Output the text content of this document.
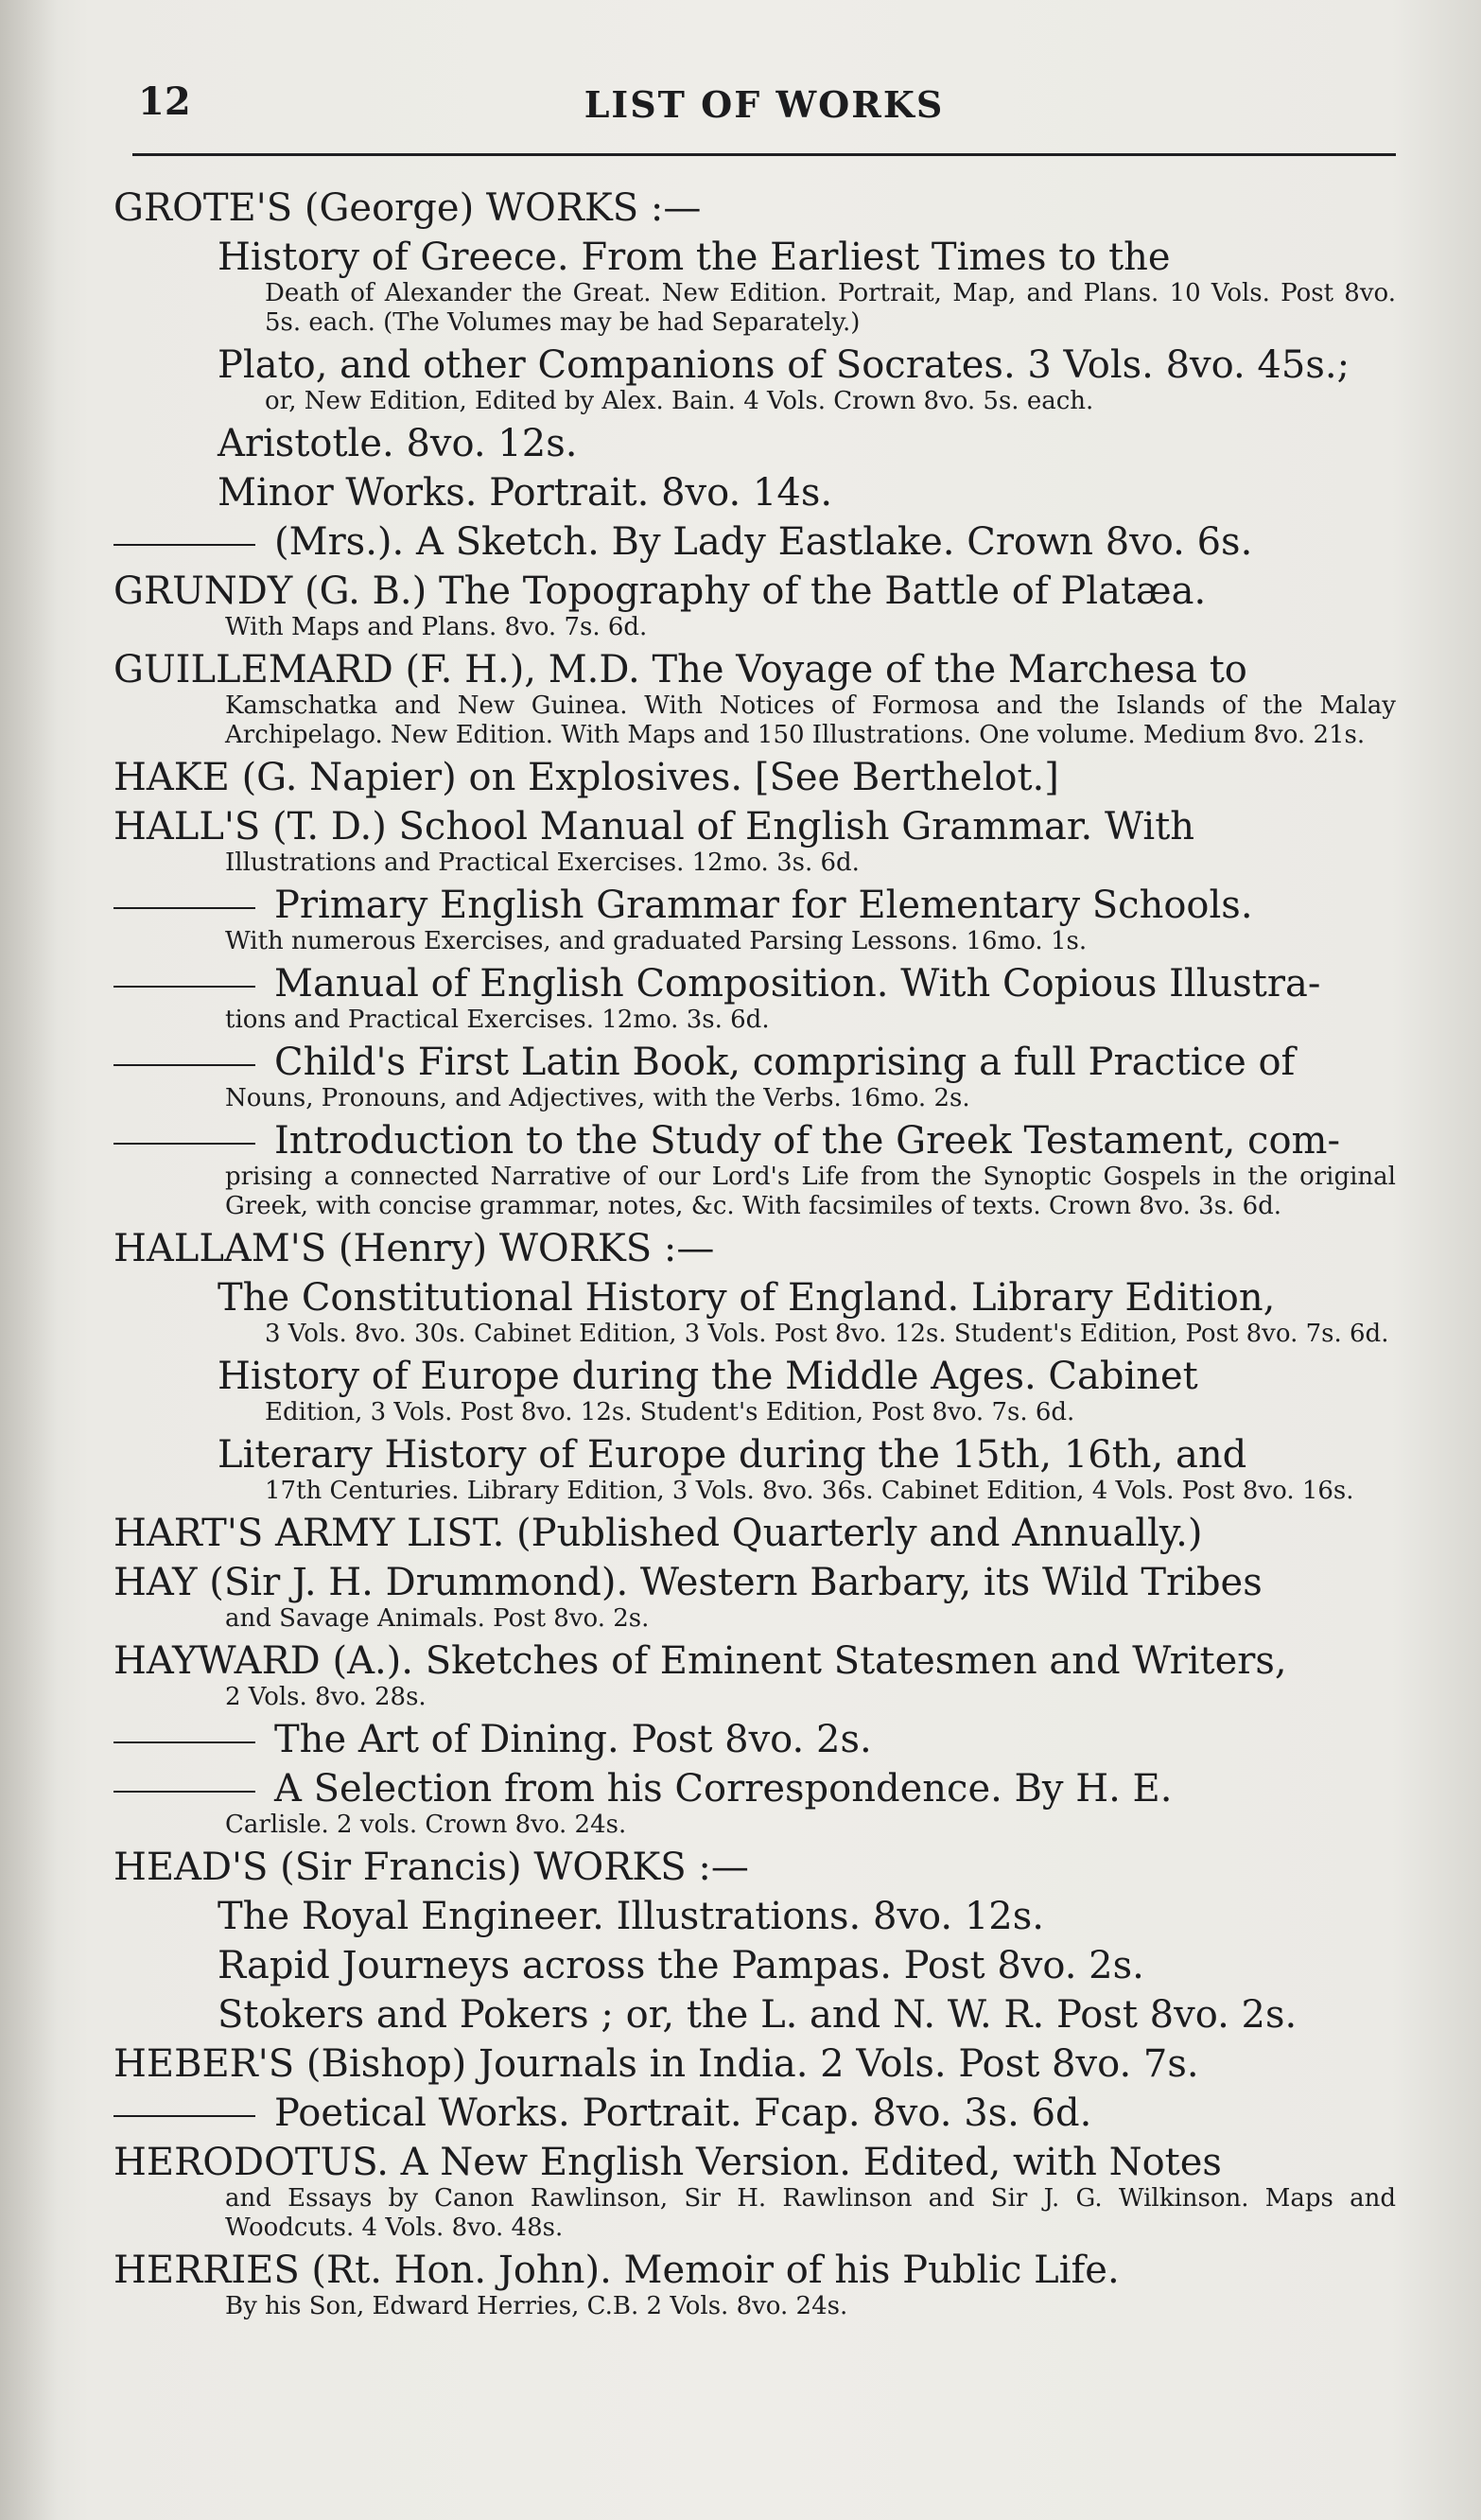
12	LIST OF WORKS
GROTE'S (George) WORKS :—
History of Greece. From the Earliest Times to the
Death of Alexander the Great. New Edition. Portrait, Map, and Plans. 10 Vols. Post 8vo. 5s. each. (The Volumes may be had Separately.)
Plato, and other Companions of Socrates. 3 Vols. 8vo. 45s.;
or, New Edition, Edited by Alex. Bain. 4 Vols. Crown 8vo. 5s. each.
Aristotle. 8vo. 12s.
Minor Works. Portrait. 8vo. 14s.
(Mrs.). A Sketch. By Lady Eastlake. Crown 8vo. 6s.
GRUNDY (G. B.) The Topography of the Battle of Platæa.
With Maps and Plans. 8vo. 7s. 6d.
GUILLEMARD (F. H.), M.D. The Voyage of the Marchesa to
Kamschatka and New Guinea. With Notices of Formosa and the Islands of the Malay Archipelago. New Edition. With Maps and 150 Illustrations. One volume. Medium 8vo. 21s.
HAKE (G. Napier) on Explosives. [See Berthelot.]
HALL'S (T. D.) School Manual of English Grammar. With
Illustrations and Practical Exercises. 12mo. 3s. 6d.
Primary English Grammar for Elementary Schools.
With numerous Exercises, and graduated Parsing Lessons. 16mo. 1s.
Manual of English Composition. With Copious Illustra-
tions and Practical Exercises. 12mo. 3s. 6d.
Child's First Latin Book, comprising a full Practice of
Nouns, Pronouns, and Adjectives, with the Verbs. 16mo. 2s.
Introduction to the Study of the Greek Testament, com-
prising a connected Narrative of our Lord's Life from the Synoptic Gospels in the original Greek, with concise grammar, notes, &c. With facsimiles of texts. Crown 8vo. 3s. 6d.
HALLAM'S (Henry) WORKS :—
The Constitutional History of England. Library Edition,
3 Vols. 8vo. 30s. Cabinet Edition, 3 Vols. Post 8vo. 12s. Student's Edition, Post 8vo. 7s. 6d.
History of Europe during the Middle Ages. Cabinet
Edition, 3 Vols. Post 8vo. 12s. Student's Edition, Post 8vo. 7s. 6d.
Literary History of Europe during the 15th, 16th, and
17th Centuries. Library Edition, 3 Vols. 8vo. 36s. Cabinet Edition, 4 Vols. Post 8vo. 16s.
HART'S ARMY LIST. (Published Quarterly and Annually.)
HAY (Sir J. H. Drummond). Western Barbary, its Wild Tribes
and Savage Animals. Post 8vo. 2s.
HAYWARD (A.). Sketches of Eminent Statesmen and Writers,
2 Vols. 8vo. 28s.
The Art of Dining. Post 8vo. 2s.
A Selection from his Correspondence. By H. E.
Carlisle. 2 vols. Crown 8vo. 24s.
HEAD'S (Sir Francis) WORKS :—
The Royal Engineer. Illustrations. 8vo. 12s.
Rapid Journeys across the Pampas. Post 8vo. 2s.
Stokers and Pokers ; or, the L. and N. W. R. Post 8vo. 2s.
HEBER'S (Bishop) Journals in India. 2 Vols. Post 8vo. 7s.
Poetical Works. Portrait. Fcap. 8vo. 3s. 6d.
HERODOTUS. A New English Version. Edited, with Notes
and Essays by Canon Rawlinson, Sir H. Rawlinson and Sir J. G. Wilkinson. Maps and Woodcuts. 4 Vols. 8vo. 48s.
HERRIES (Rt. Hon. John). Memoir of his Public Life.
By his Son, Edward Herries, C.B. 2 Vols. 8vo. 24s.
